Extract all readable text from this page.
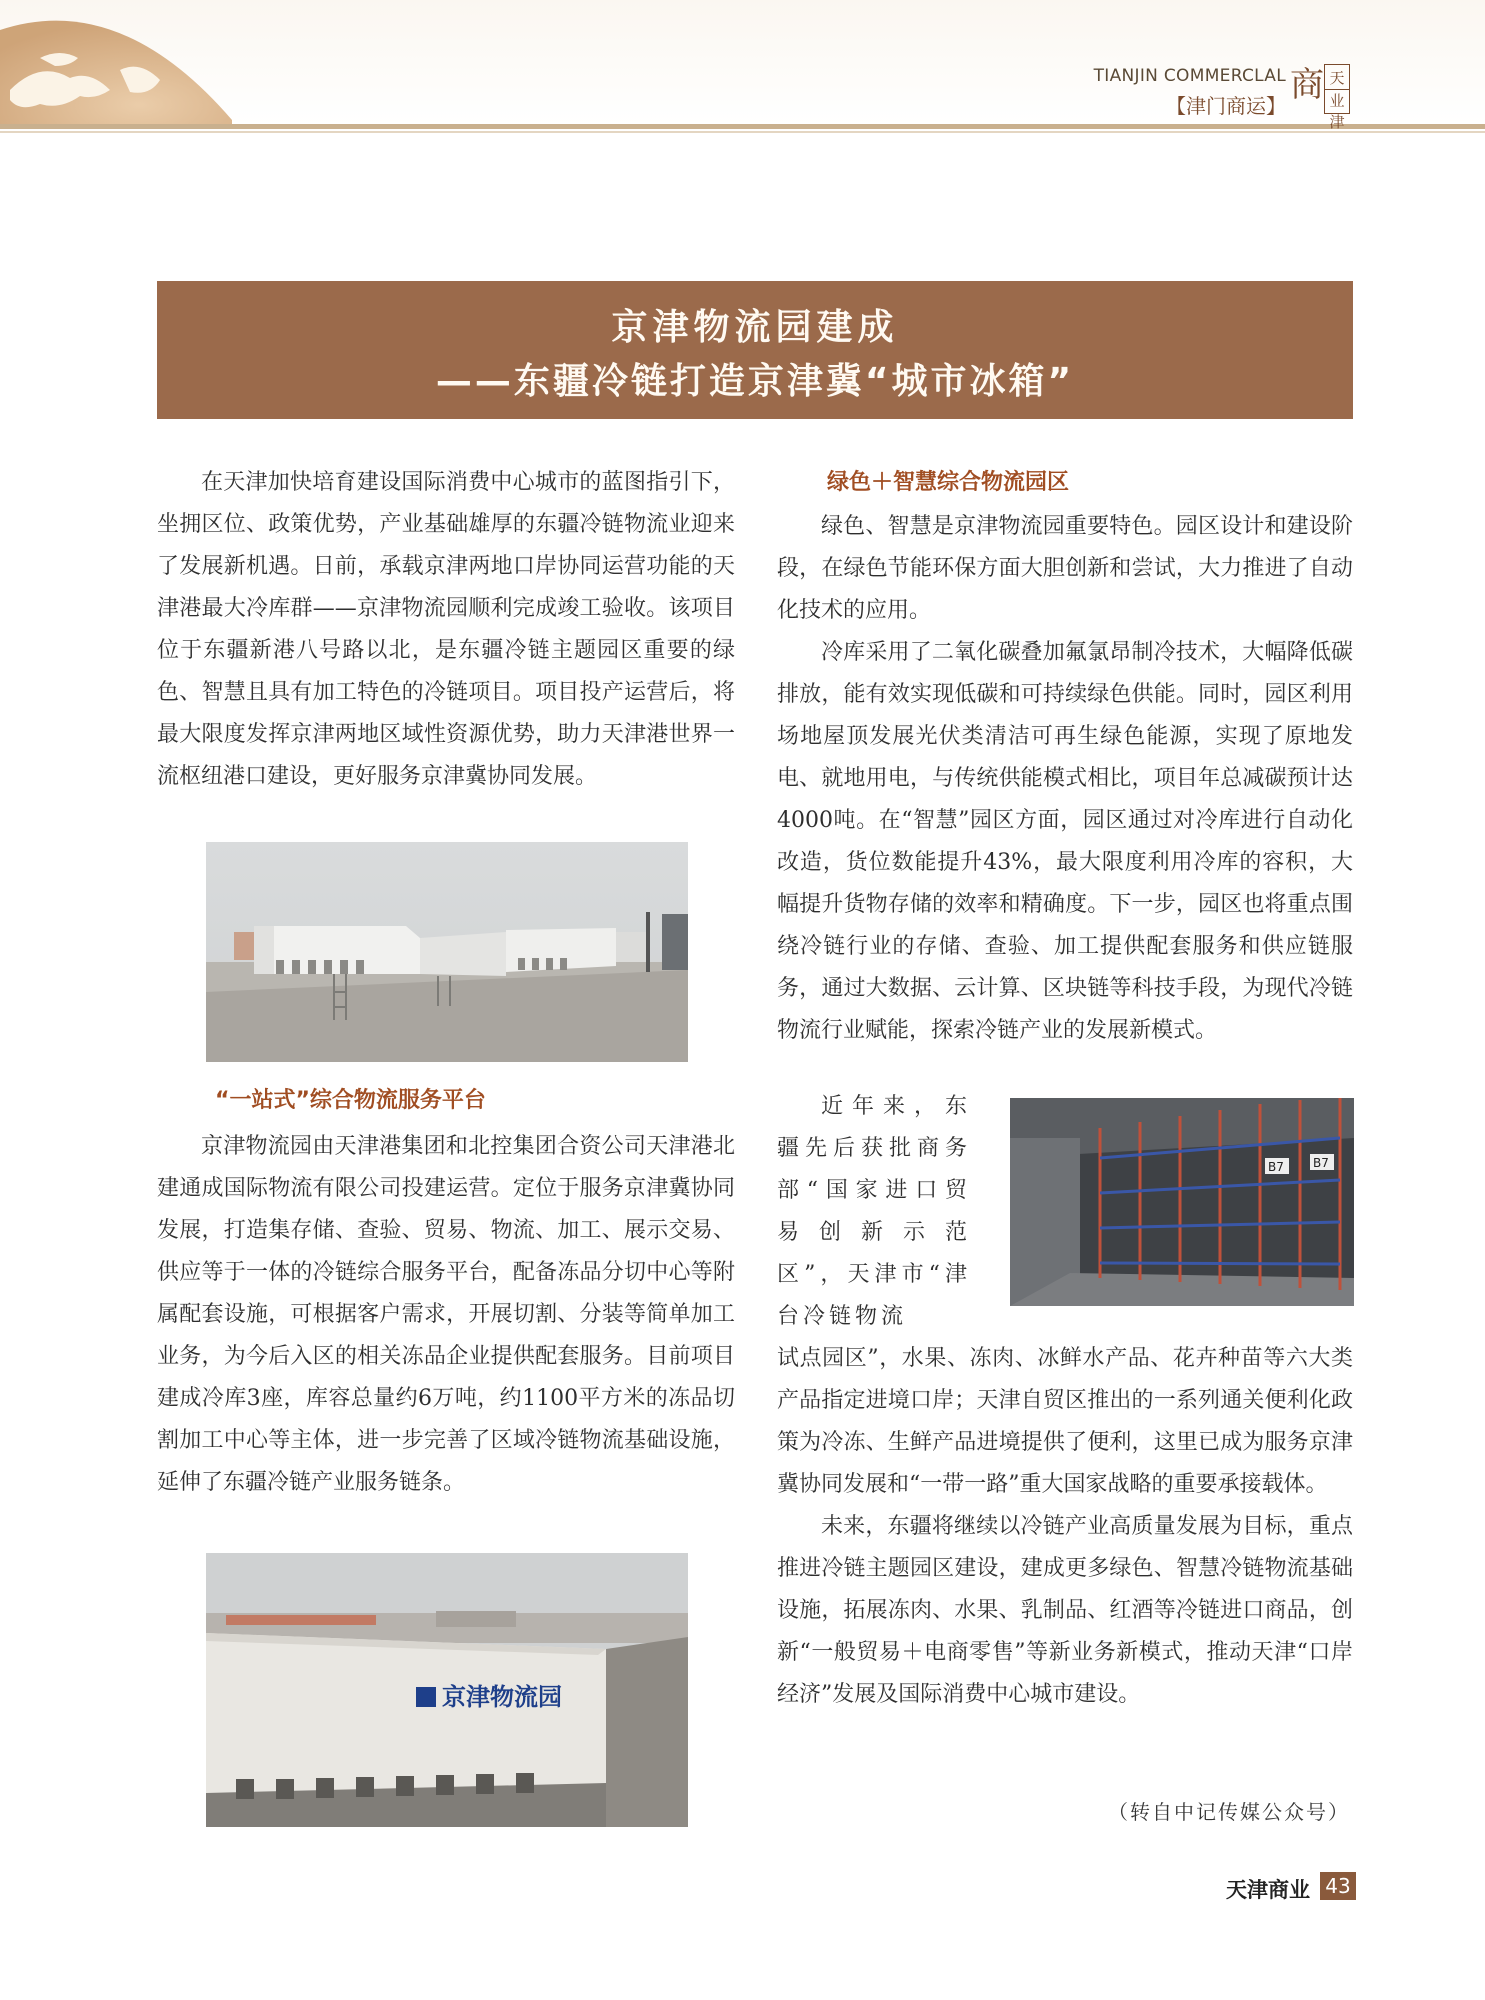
TIANJIN COMMERCLAL
【津门商运】
商 天
业津
京津物流园建成
——东疆冷链打造京津冀“城市冰箱”

在天津加快培育建设国际消费中心城市的蓝图指引下，坐拥区位、政策优势，产业基础雄厚的东疆冷链物流业迎来了发展新机遇。日前，承载京津两地口岸协同运营功能的天津港最大冷库群——京津物流园顺利完成竣工验收。该项目位于东疆新港八号路以北，是东疆冷链主题园区重要的绿色、智慧且具有加工特色的冷链项目。项目投产运营后，将最大限度发挥京津两地区域性资源优势，助力天津港世界一流枢纽港口建设，更好服务京津冀协同发展。

“一站式”综合物流服务平台

京津物流园由天津港集团和北控集团合资公司天津港北建通成国际物流有限公司投建运营。定位于服务京津冀协同发展，打造集存储、查验、贸易、物流、加工、展示交易、供应等于一体的冷链综合服务平台，配备冻品分切中心等附属配套设施，可根据客户需求，开展切割、分装等简单加工业务，为今后入区的相关冻品企业提供配套服务。目前项目建成冷库3座，库容总量约6万吨，约1100平方米的冻品切割加工中心等主体，进一步完善了区域冷链物流基础设施，延伸了东疆冷链产业服务链条。

京津物流园
绿色＋智慧综合物流园区

绿色、智慧是京津物流园重要特色。园区设计和建设阶段，在绿色节能环保方面大胆创新和尝试，大力推进了自动化技术的应用。

冷库采用了二氧化碳叠加氟氯昂制冷技术，大幅降低碳排放，能有效实现低碳和可持续绿色供能。同时，园区利用场地屋顶发展光伏类清洁可再生绿色能源，实现了原地发电、就地用电，与传统供能模式相比，项目年总减碳预计达4000吨。在“智慧”园区方面，园区通过对冷库进行自动化改造，货位数能提升43%，最大限度利用冷库的容积，大幅提升货物存储的效率和精确度。下一步，园区也将重点围绕冷链行业的存储、查验、加工提供配套服务和供应链服务，通过大数据、云计算、区块链等科技手段，为现代冷链物流行业赋能，探索冷链产业的发展新模式。

近年来，东疆先后获批商务部“国家进口贸易创新示范区”，天津市“津台冷链物流

B7 B7

试点园区”，水果、冻肉、冰鲜水产品、花卉种苗等六大类产品指定进境口岸；天津自贸区推出的一系列通关便利化政策为冷冻、生鲜产品进境提供了便利，这里已成为服务京津冀协同发展和“一带一路”重大国家战略的重要承接载体。

未来，东疆将继续以冷链产业高质量发展为目标，重点推进冷链主题园区建设，建成更多绿色、智慧冷链物流基础设施，拓展冻肉、水果、乳制品、红酒等冷链进口商品，创新“一般贸易＋电商零售”等新业务新模式，推动天津“口岸经济”发展及国际消费中心城市建设。

（转自中记传媒公众号）
天津商业 43
